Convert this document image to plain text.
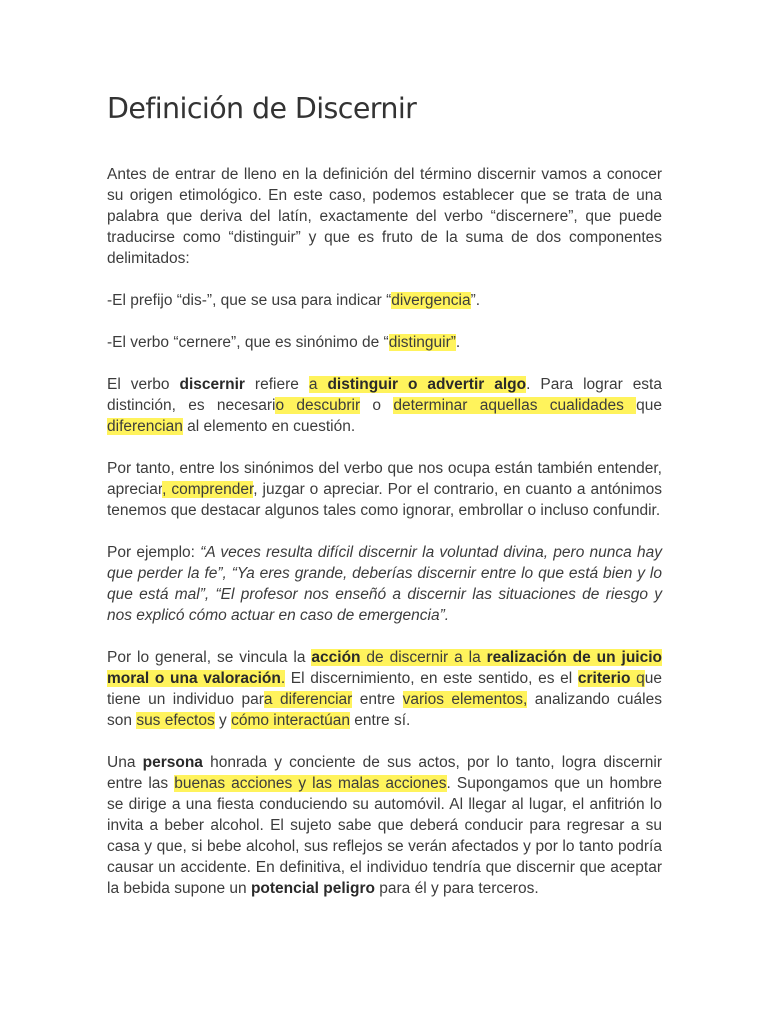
Definición de Discernir

Antes de entrar de lleno en la definición del término discernir vamos a conocer su origen etimológico. En este caso, podemos establecer que se trata de una palabra que deriva del latín, exactamente del verbo “discernere”, que puede traducirse como “distinguir” y que es fruto de la suma de dos componentes delimitados:

-El prefijo “dis-”, que se usa para indicar “divergencia”.

-El verbo “cernere”, que es sinónimo de “distinguir”.

El verbo discernir refiere a distinguir o advertir algo. Para lograr esta distinción, es necesario descubrir o determinar aquellas cualidades que diferencian al elemento en cuestión.

Por tanto, entre los sinónimos del verbo que nos ocupa están también entender, apreciar, comprender, juzgar o apreciar. Por el contrario, en cuanto a antónimos tenemos que destacar algunos tales como ignorar, embrollar o incluso confundir.

Por ejemplo: “A veces resulta difícil discernir la voluntad divina, pero nunca hay que perder la fe”, “Ya eres grande, deberías discernir entre lo que está bien y lo que está mal”, “El profesor nos enseñó a discernir las situaciones de riesgo y nos explicó cómo actuar en caso de emergencia”.

Por lo general, se vincula la acción de discernir a la realización de un juicio moral o una valoración. El discernimiento, en este sentido, es el criterio que tiene un individuo para diferenciar entre varios elementos, analizando cuáles son sus efectos y cómo interactúan entre sí.

Una persona honrada y conciente de sus actos, por lo tanto, logra discernir entre las buenas acciones y las malas acciones. Supongamos que un hombre se dirige a una fiesta conduciendo su automóvil. Al llegar al lugar, el anfitrión lo invita a beber alcohol. El sujeto sabe que deberá conducir para regresar a su casa y que, si bebe alcohol, sus reflejos se verán afectados y por lo tanto podría causar un accidente. En definitiva, el individuo tendría que discernir que aceptar la bebida supone un potencial peligro para él y para terceros.
